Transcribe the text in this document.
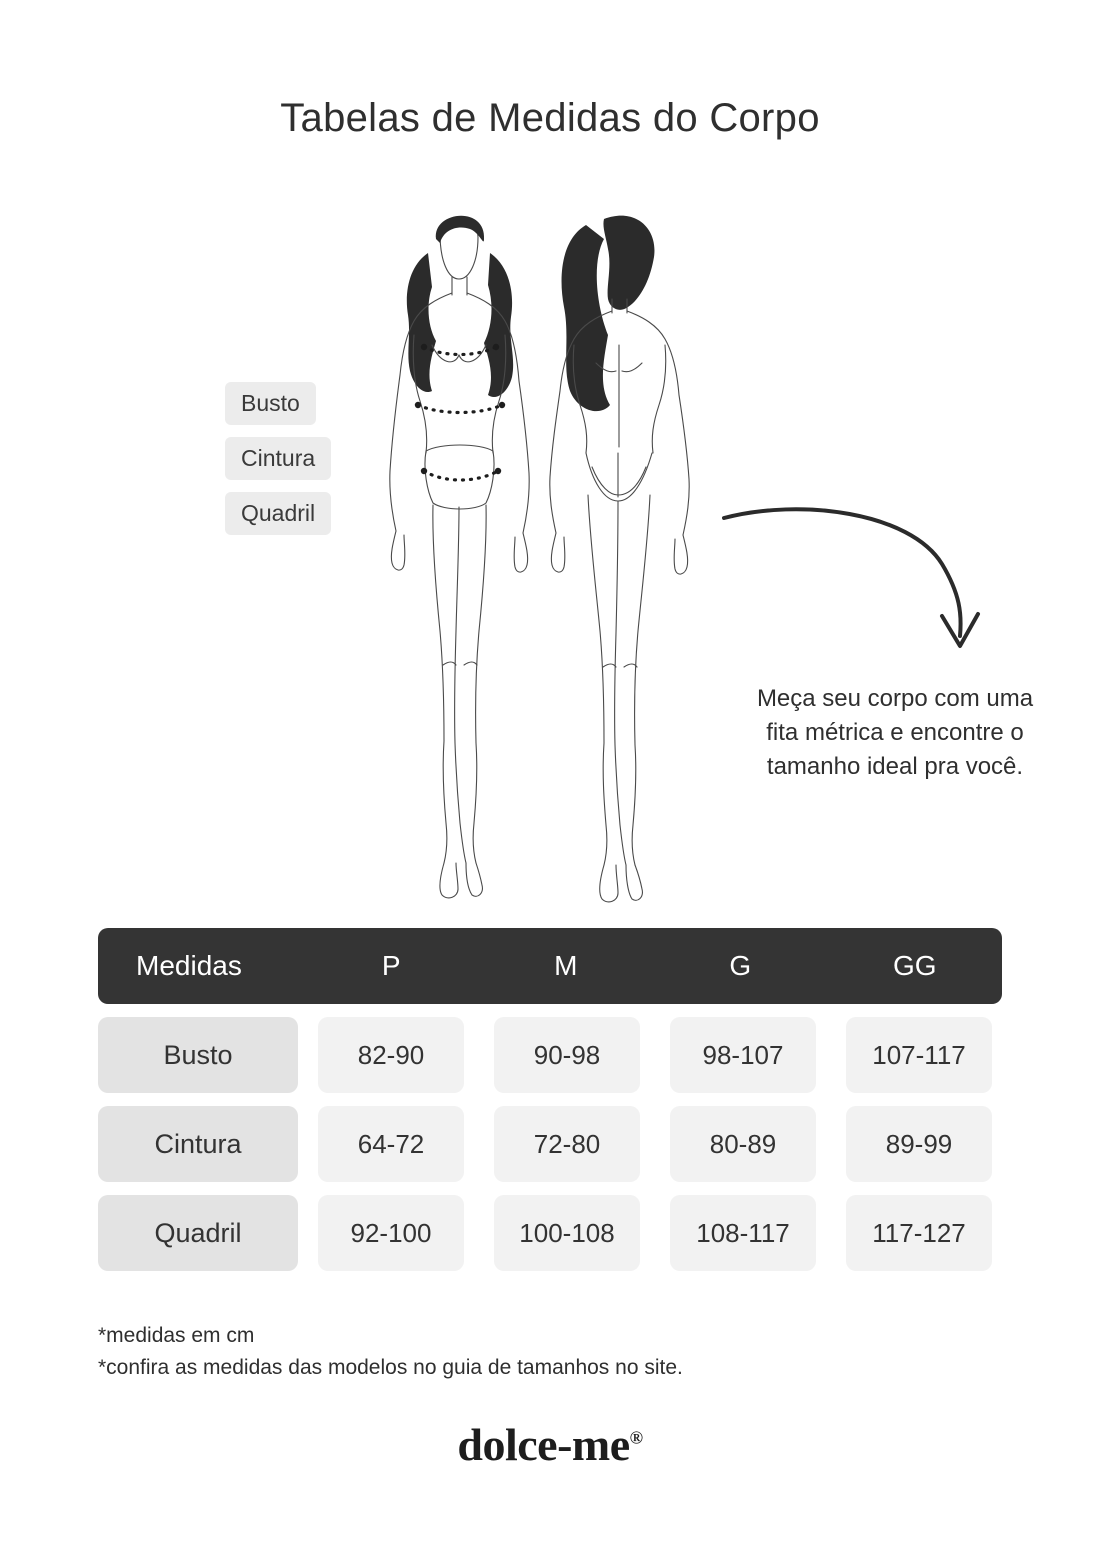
Tabelas de Medidas do Corpo
Busto
Cintura
Quadril
Meça seu corpo com uma fita métrica e encontre o tamanho ideal pra você.
Medidas	P	M	G	GG
Busto	82-90	90-98	98-107	107-117
Cintura	64-72	72-80	80-89	89-99
Quadril	92-100	100-108	108-117	117-127
*medidas em cm
*confira as medidas das modelos no guia de tamanhos no site.
dolce-me®
